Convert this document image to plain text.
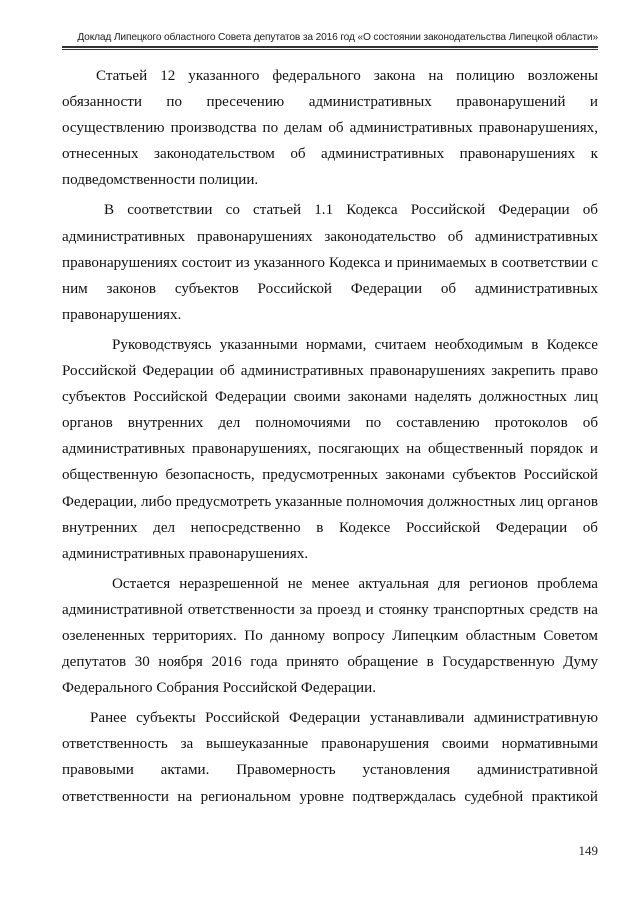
Доклад Липецкого областного Совета депутатов за 2016 год «О состоянии законодательства Липецкой области»

Статьей 12 указанного федерального закона на полицию возложены обязанности по пресечению административных правонарушений и осуществлению производства по делам об административных правонарушениях, отнесенных законодательством об административных правонарушениях к подведомственности полиции.

В соответствии со статьей 1.1 Кодекса Российской Федерации об административных правонарушениях законодательство об административных правонарушениях состоит из указанного Кодекса и принимаемых в соответствии с ним законов субъектов Российской Федерации об административных правонарушениях.

Руководствуясь указанными нормами, считаем необходимым в Кодексе Российской Федерации об административных правонарушениях закрепить право субъектов Российской Федерации своими законами наделять должностных лиц органов внутренних дел полномочиями по составлению протоколов об административных правонарушениях, посягающих на общественный порядок и общественную безопасность, предусмотренных законами субъектов Российской Федерации, либо предусмотреть указанные полномочия должностных лиц органов внутренних дел непосредственно в Кодексе Российской Федерации об административных правонарушениях.

Остается неразрешенной не менее актуальная для регионов проблема административной ответственности за проезд и стоянку транспортных средств на озелененных территориях. По данному вопросу Липецким областным Советом депутатов 30 ноября 2016 года принято обращение в Государственную Думу Федерального Собрания Российской Федерации.

Ранее субъекты Российской Федерации устанавливали административную ответственность за вышеуказанные правонарушения своими нормативными правовыми актами. Правомерность установления административной ответственности на региональном уровне подтверждалась судебной практикой

149
